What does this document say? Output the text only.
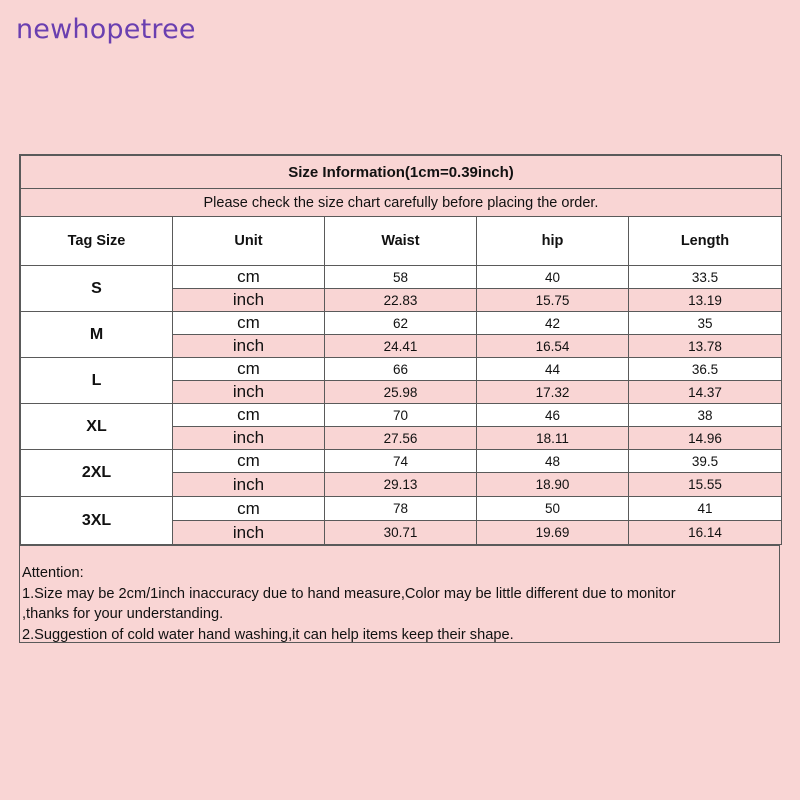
newhopetree
Size Information(1cm=0.39inch)				
Please check the size chart carefully before placing the order.				
Tag Size	Unit	Waist	hip	Length
S	cm	58	40	33.5
	inch	22.83	15.75	13.19
M	cm	62	42	35
	inch	24.41	16.54	13.78
L	cm	66	44	36.5
	inch	25.98	17.32	14.37
XL	cm	70	46	38
	inch	27.56	18.11	14.96
2XL	cm	74	48	39.5
	inch	29.13	18.90	15.55
3XL	cm	78	50	41
	inch	30.71	19.69	16.14
Attention:
1.Size may be 2cm/1inch inaccuracy due to hand measure,Color may be little different due to monitor
,thanks for your understanding.
2.Suggestion of cold water hand washing,it can help items keep their shape.
